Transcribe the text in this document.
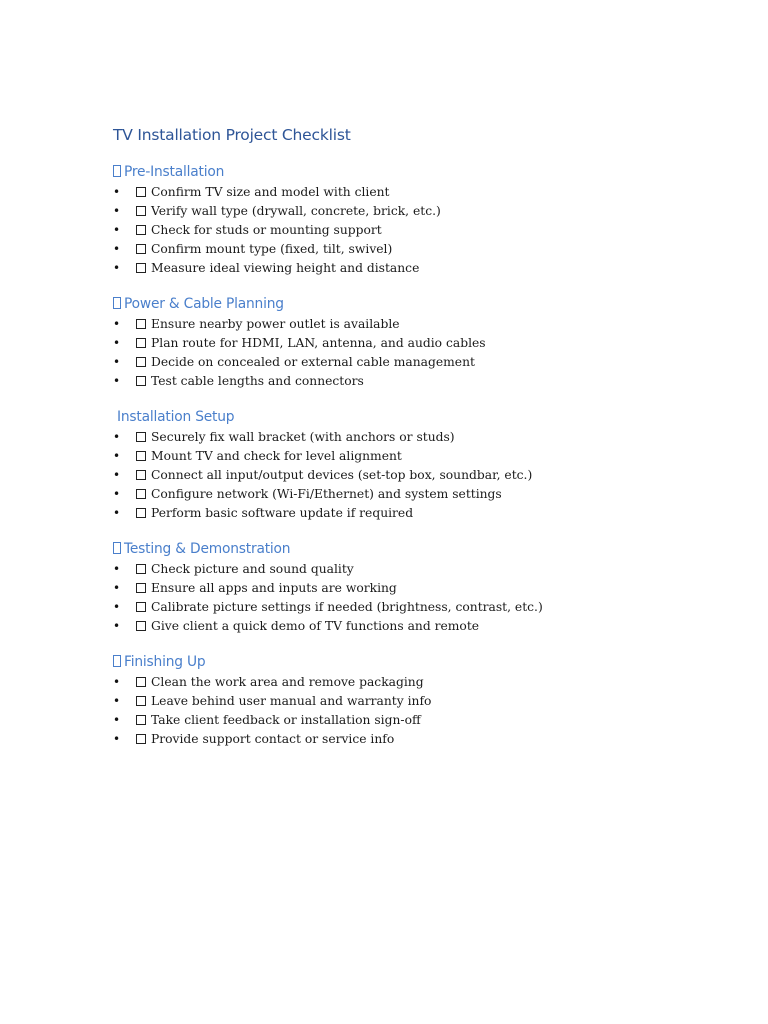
TV Installation Project Checklist
Pre-Installation
•	Confirm TV size and model with client
•	Verify wall type (drywall, concrete, brick, etc.)
•	Check for studs or mounting support
•	Confirm mount type (fixed, tilt, swivel)
•	Measure ideal viewing height and distance
Power & Cable Planning
•	Ensure nearby power outlet is available
•	Plan route for HDMI, LAN, antenna, and audio cables
•	Decide on concealed or external cable management
•	Test cable lengths and connectors
Installation Setup
•	Securely fix wall bracket (with anchors or studs)
•	Mount TV and check for level alignment
•	Connect all input/output devices (set-top box, soundbar, etc.)
•	Configure network (Wi-Fi/Ethernet) and system settings
•	Perform basic software update if required
Testing & Demonstration
•	Check picture and sound quality
•	Ensure all apps and inputs are working
•	Calibrate picture settings if needed (brightness, contrast, etc.)
•	Give client a quick demo of TV functions and remote
Finishing Up
•	Clean the work area and remove packaging
•	Leave behind user manual and warranty info
•	Take client feedback or installation sign-off
•	Provide support contact or service info
